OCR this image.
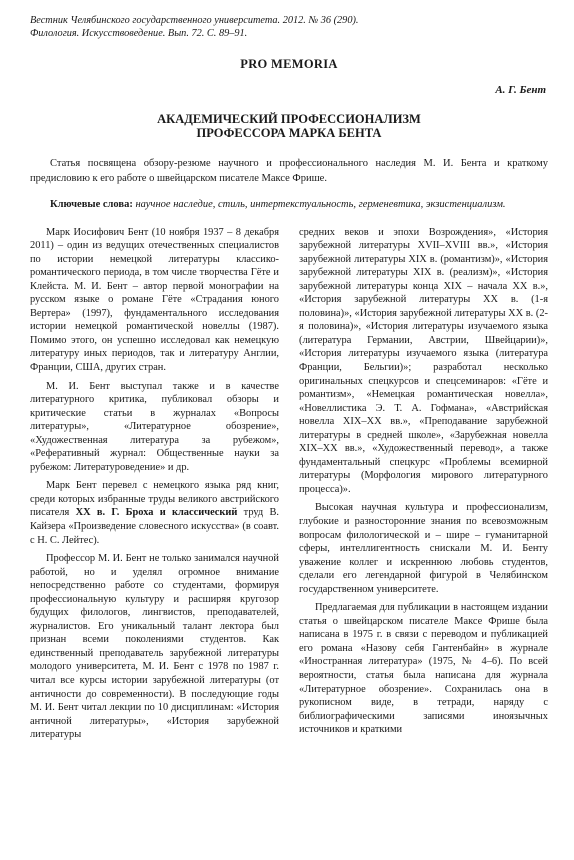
Вестник Челябинского государственного университета. 2012. № 36 (290).
Филология. Искусствоведение. Вып. 72. С. 89–91.
PRO MEMORIA
А. Г. Бент
АКАДЕМИЧЕСКИЙ ПРОФЕССИОНАЛИЗМ
ПРОФЕССОРА МАРКА БЕНТА
Статья посвящена обзору-резюме научного и профессионального наследия М. И. Бента и краткому предисловию к его работе о швейцарском писателе Максе Фрише.
Ключевые слова: научное наследие, стиль, интертекстуальность, герменевтика, экзистенциализм.

Марк Иосифович Бент (10 ноября 1937 – 8 декабря 2011) – один из ведущих отечественных специалистов по истории немецкой литературы классико-романтического периода, в том числе творчества Гёте и Клейста. М. И. Бент – автор первой монографии на русском языке о романе Гёте «Страдания юного Вертера» (1997), фундаментального исследования истории немецкой романтической новеллы (1987). Помимо этого, он успешно исследовал как немецкую литературу иных периодов, так и литературу Англии, Франции, США, других стран.

М. И. Бент выступал также и в качестве литературного критика, публиковал обзоры и критические статьи в журналах «Вопросы литературы», «Литературное обозрение», «Художественная литература за рубежом», «Реферативный журнал: Общественные науки за рубежом: Литературоведение» и др.

Марк Бент перевел с немецкого языка ряд книг, среди которых избранные труды великого австрийского писателя XX в. Г. Броха и классический труд В. Кайзера «Произведение словесного искусства» (в соавт. с Н. С. Лейтес).

Профессор М. И. Бент не только занимался научной работой, но и уделял огромное внимание непосредственно работе со студентами, формируя профессиональную культуру и расширяя кругозор будущих филологов, лингвистов, преподавателей, журналистов. Его уникальный талант лектора был признан всеми поколениями студентов. Как единственный преподаватель зарубежной литературы молодого университета, М. И. Бент с 1978 по 1987 г. читал все курсы истории зарубежной литературы (от античности до современности). В последующие годы М. И. Бент читал лекции по 10 дисциплинам: «История античной литературы», «История зарубежной литературы

средних веков и эпохи Возрождения», «История зарубежной литературы XVII–XVIII вв.», «История зарубежной литературы XIX в. (романтизм)», «История зарубежной литературы XIX в. (реализм)», «История зарубежной литературы конца XIX – начала XX в.», «История зарубежной литературы XX в. (1-я половина)», «История зарубежной литературы XX в. (2-я половина)», «История литературы изучаемого языка (литература Германии, Австрии, Швейцарии)», «История литературы изучаемого языка (литература Франции, Бельгии)»; разработал несколько оригинальных спецкурсов и спецсеминаров: «Гёте и романтизм», «Немецкая романтическая новелла», «Новеллистика Э. Т. А. Гофмана», «Австрийская новелла XIX–XX вв.», «Преподавание зарубежной литературы в средней школе», «Зарубежная новелла XIX–XX вв.», «Художественный перевод», а также фундаментальный спецкурс «Проблемы всемирной литературы (Морфология мирового литературного процесса)».

Высокая научная культура и профессионализм, глубокие и разносторонние знания по всевозможным вопросам филологической и – шире – гуманитарной сферы, интеллигентность снискали М. И. Бенту уважение коллег и искреннюю любовь студентов, сделали его легендарной фигурой в Челябинском государственном университете.

Предлагаемая для публикации в настоящем издании статья о швейцарском писателе Максе Фрише была написана в 1975 г. в связи с переводом и публикацией его романа «Назову себя Гантенбайн» в журнале «Иностранная литература» (1975, № 4–6). По всей вероятности, статья была написана для журнала «Литературное обозрение». Сохранилась она в рукописном виде, в тетради, наряду с библиографическими записями иноязычных источников и краткими
